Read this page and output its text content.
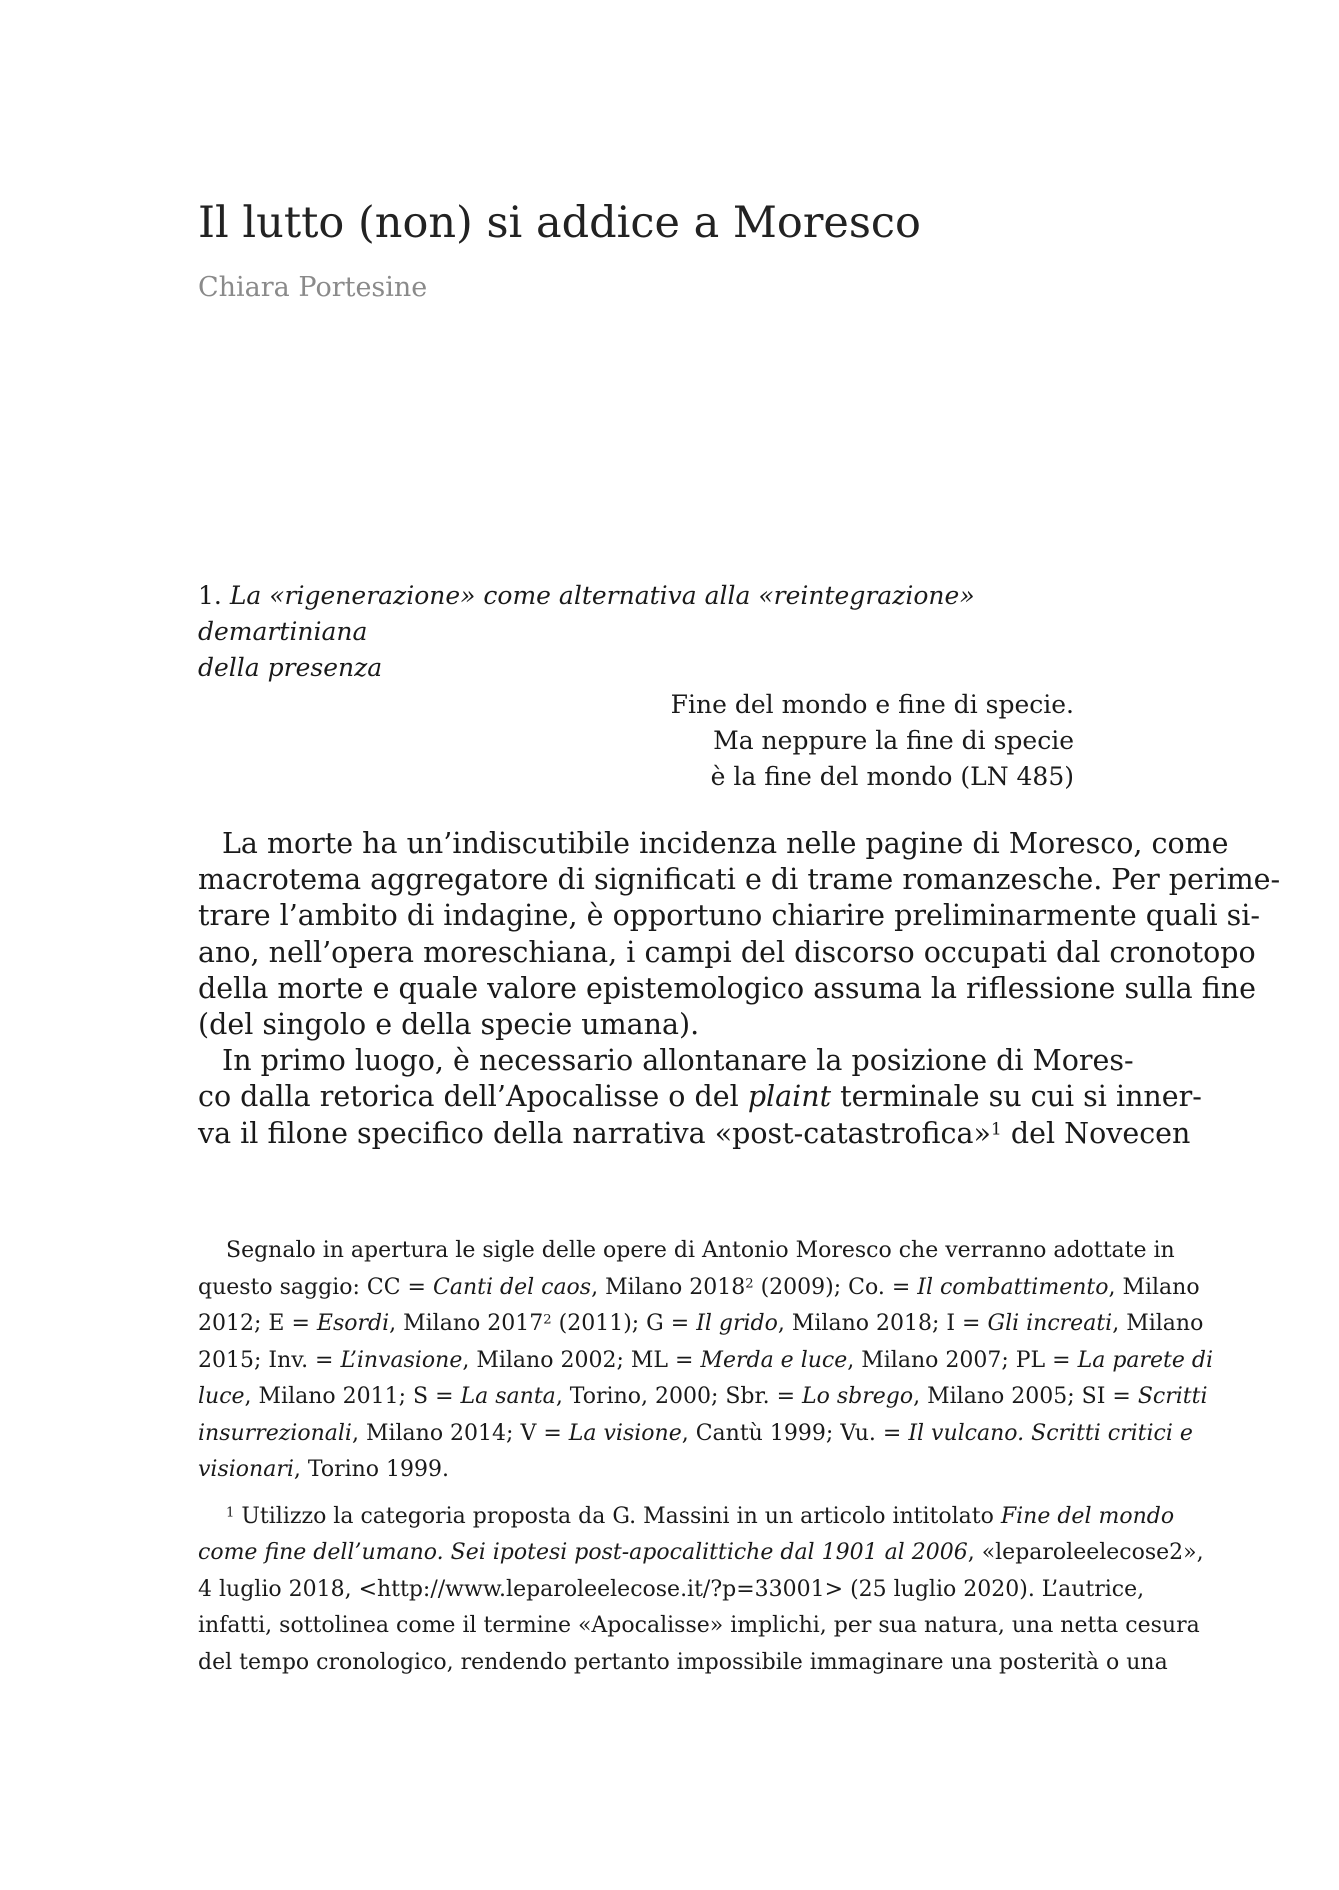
Il lutto (non) si addice a Moresco
Chiara Portesine
1. La «rigenerazione» come alternativa alla «reintegrazione» demartiniana
della presenza
Fine del mondo e fine di specie.
Ma neppure la fine di specie
è la fine del mondo (LN 485)
La morte ha un’indiscutibile incidenza nelle pagine di Moresco, come
macrotema aggregatore di significati e di trame romanzesche. Per perime-
trare l’ambito di indagine, è opportuno chiarire preliminarmente quali si-
ano, nell’opera moreschiana, i campi del discorso occupati dal cronotopo
della morte e quale valore epistemologico assuma la riflessione sulla fine
(del singolo e della specie umana).
In primo luogo, è necessario allontanare la posizione di Mores-
co dalla retorica dell’Apocalisse o del plaint terminale su cui si inner-
va il filone specifico della narrativa «post-catastrofica»$^1$ del Novecen
Segnalo in apertura le sigle delle opere di Antonio Moresco che verranno adottate in
questo saggio: CC = Canti del caos, Milano 2018$^2$ (2009); Co. = Il combattimento, Milano
2012; E = Esordi, Milano 2017$^2$ (2011); G = Il grido, Milano 2018; I = Gli increati, Milano
2015; Inv. = L’invasione, Milano 2002; ML = Merda e luce, Milano 2007; PL = La parete di
luce, Milano 2011; S = La santa, Torino, 2000; Sbr. = Lo sbrego, Milano 2005; SI = Scritti
insurrezionali, Milano 2014; V = La visione, Cantù 1999; Vu. = Il vulcano. Scritti critici e
visionari, Torino 1999.
$^1$ Utilizzo la categoria proposta da G. Massini in un articolo intitolato Fine del mondo
come fine dell’umano. Sei ipotesi post-apocalittiche dal 1901 al 2006, «leparoleelecose2»,
4 luglio 2018, <http://www.leparoleelecose.it/?p=33001> (25 luglio 2020). L’autrice,
infatti, sottolinea come il termine «Apocalisse» implichi, per sua natura, una netta cesura
del tempo cronologico, rendendo pertanto impossibile immaginare una posterità o una
